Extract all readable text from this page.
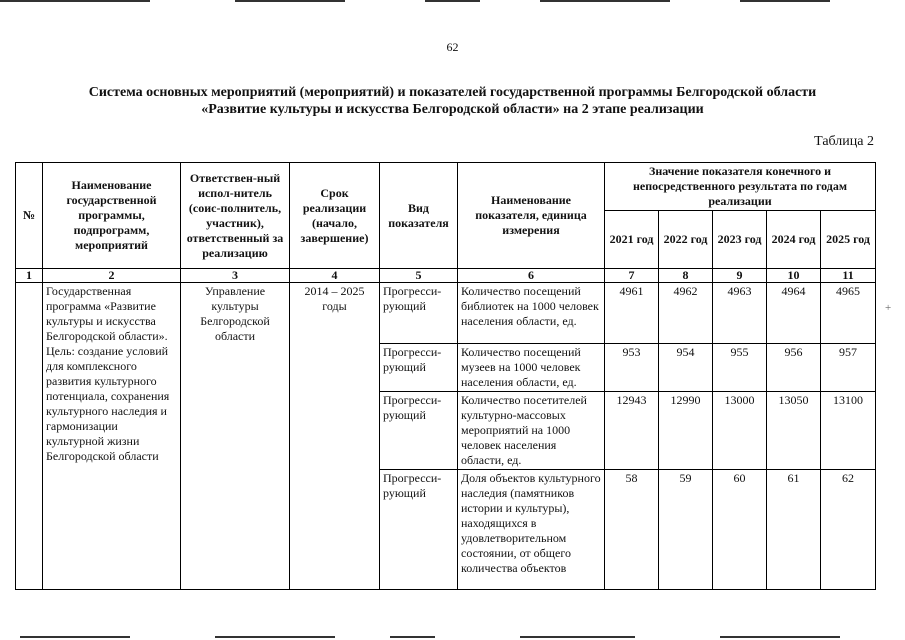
62
Система основных мероприятий (мероприятий) и показателей государственной программы Белгородской области
«Развитие культуры и искусства Белгородской области» на 2 этапе реализации
Таблица 2
+
№	Наименование государственной программы, подпрограмм, мероприятий	Ответствен-ный испол-нитель (соис-полнитель, участник), ответственный за реализацию	Срок реализации (начало, завершение)	Вид показателя	Наименование показателя, единица измерения	Значение показателя конечного и непосредственного результата по годам реализации				
						2021 год	2022 год	2023 год	2024 год	2025 год
1	2	3	4	5	6	7	8	9	10	11
	Государственная программа «Развитие культуры и искусства Белгородской области». Цель: создание условий для комплексного развития культурного потенциала, сохранения культурного наследия и гармонизации культурной жизни Белгородской области	Управление культуры Белгородской области	2014 – 2025 годы	Прогресси-рующий	Количество посещений библиотек на 1000 человек населения области, ед.	4961	4962	4963	4964	4965
				Прогресси-рующий	Количество посещений музеев на 1000 человек населения области, ед.	953	954	955	956	957
				Прогресси-рующий	Количество посетителей культурно-массовых мероприятий на 1000 человек населения области, ед.	12943	12990	13000	13050	13100
				Прогресси-рующий	Доля объектов культурного наследия (памятников истории и культуры), находящихся в удовлетворительном состоянии, от общего количества объектов	58	59	60	61	62
